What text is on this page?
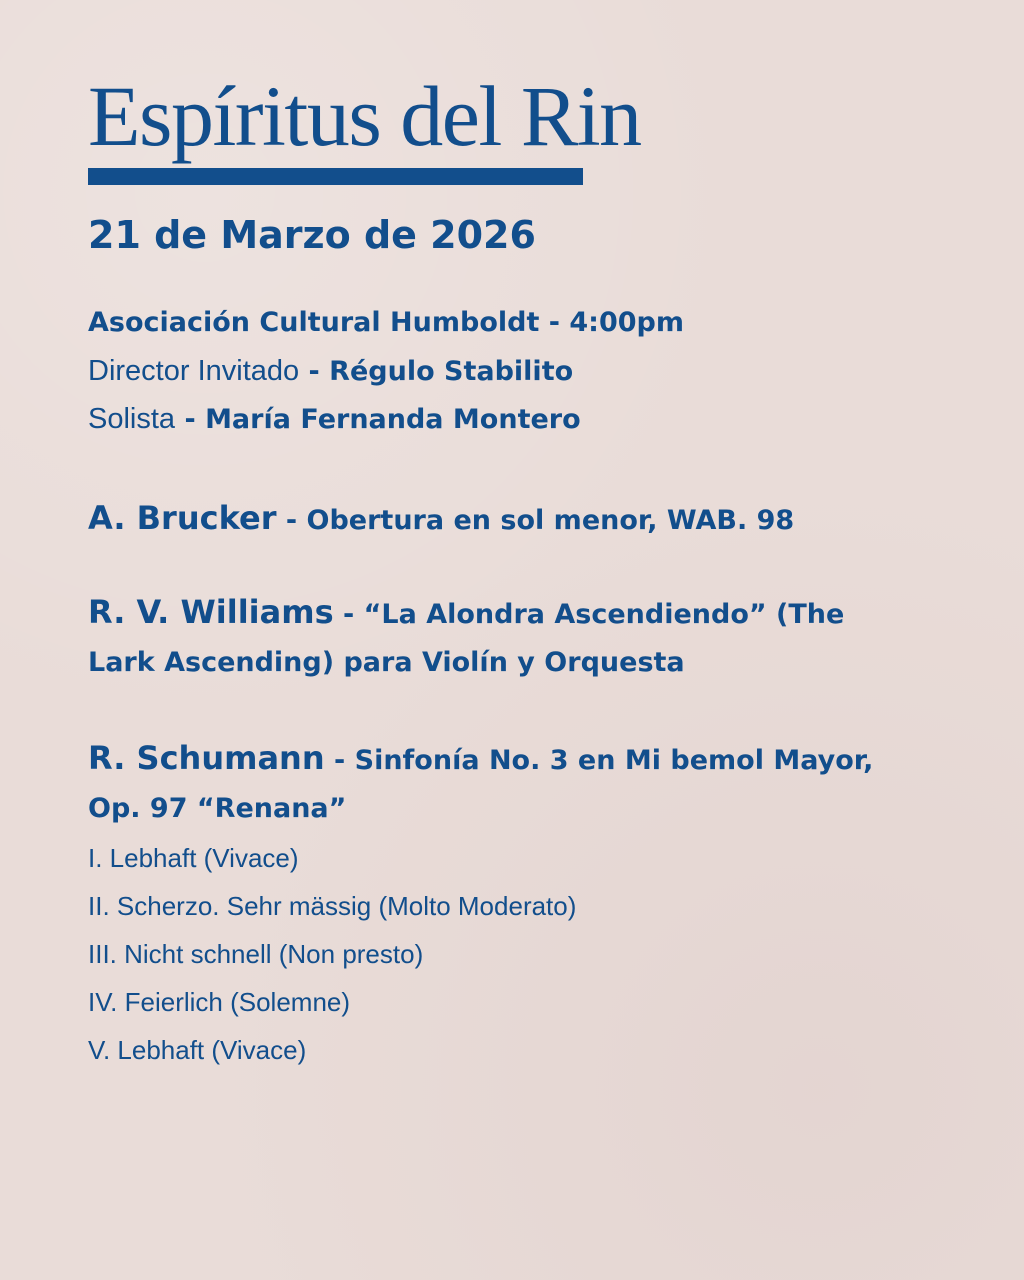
Espíritus del Rin
21 de Marzo de 2026

Asociación Cultural Humboldt - 4:00pm

Director Invitado - Régulo Stabilito

Solista - María Fernanda Montero

A. Brucker - Obertura en sol menor, WAB. 98

R. V. Williams - “La Alondra Ascendiendo” (The Lark Ascending) para Violín y Orquesta

R. Schumann - Sinfonía No. 3 en Mi bemol Mayor, Op. 97 “Renana”

I. Lebhaft (Vivace)
II. Scherzo. Sehr mässig (Molto Moderato)
III. Nicht schnell (Non presto)
IV. Feierlich (Solemne)
V. Lebhaft (Vivace)
